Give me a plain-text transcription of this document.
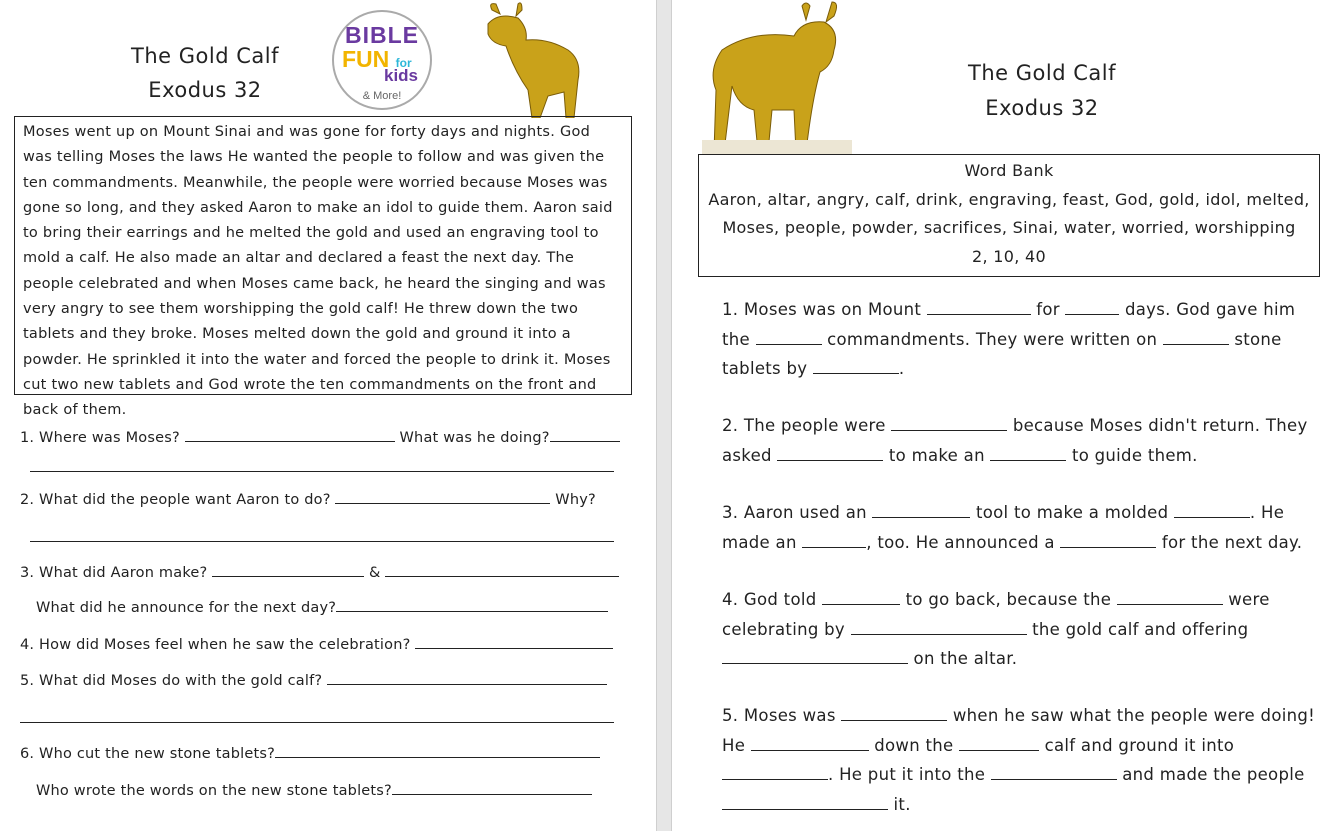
The Gold Calf
Exodus 32
BIBLE
FUN for
kids
& More!

Moses went up on Mount Sinai and was gone for forty days and nights. God was telling Moses the laws He wanted the people to follow and was given the ten commandments. Meanwhile, the people were worried because Moses was gone so long, and they asked Aaron to make an idol to guide them. Aaron said to bring their earrings and he melted the gold and used an engraving tool to mold a calf. He also made an altar and declared a feast the next day. The people celebrated and when Moses came back, he heard the singing and was very angry to see them worshipping the gold calf! He threw down the two tablets and they broke. Moses melted down the gold and ground it into a powder. He sprinkled it into the water and forced the people to drink it. Moses cut two new tablets and God wrote the ten commandments on the front and back of them.

1. Where was Moses?	What was he doing?
2. What did the people want Aaron to do?	Why?
3. What did Aaron make?	&
What did he announce for the next day?
4. How did Moses feel when he saw the celebration?
5. What did Moses do with the gold calf?
6. Who cut the new stone tablets?
Who wrote the words on the new stone tablets?
The Gold Calf
Exodus 32
Word Bank
Aaron, altar, angry, calf, drink, engraving, feast, God, gold, idol, melted,
Moses, people, powder, sacrifices, Sinai, water, worried, worshipping
2, 10, 40
1. Moses was on Mount	for	days. God gave him
the	commandments. They were written on	stone
tablets by	.
2. The people were	because Moses didn't return. They
asked	to make an	to guide them.
3. Aaron used an	tool to make a molded	. He
made an	, too. He announced a	for the next day.
4. God told	to go back, because the	were
celebrating by	the gold calf and offering
on the altar.
5. Moses was	when he saw what the people were doing!
He	down the	calf and ground it into
. He put it into the	and made the people
it.
